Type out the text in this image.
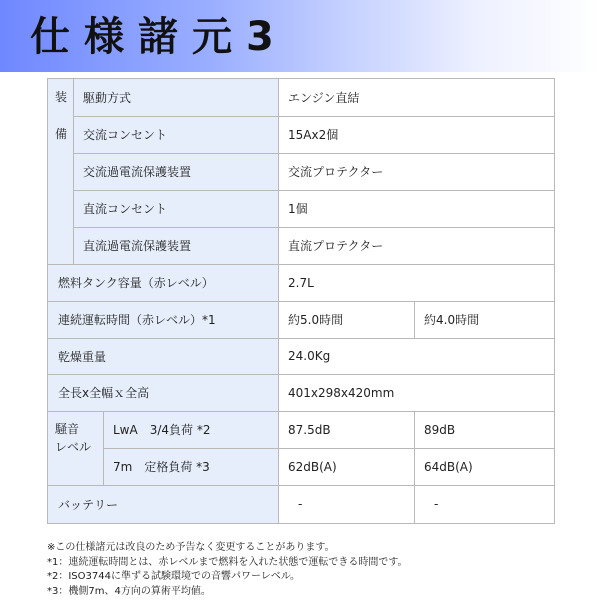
仕様諸元3
装
備
駆動方式	エンジン直結
交流コンセント	15Ax2個
交流過電流保護装置	交流プロテクター
直流コンセント	1個
直流過電流保護装置	直流プロテクター
燃料タンク容量（赤レベル）	2.7L
連続運転時間（赤レベル）*1	約5.0時間	約4.0時間
乾燥重量	24.0Kg
全長x全幅ｘ全高	401x298x420mm
騒音
レベル
LwA　3/4負荷 *2	87.5dB	89dB
7m　定格負荷 *3	62dB(A)	64dB(A)
バッテリー	-	-
※この仕様諸元は改良のため予告なく変更することがあります。
*1：連続運転時間とは、赤レベルまで燃料を入れた状態で運転できる時間です。
*2：ISO3744に準ずる試験環境での音響パワーレベル。
*3：機側7m、4方向の算術平均値。
